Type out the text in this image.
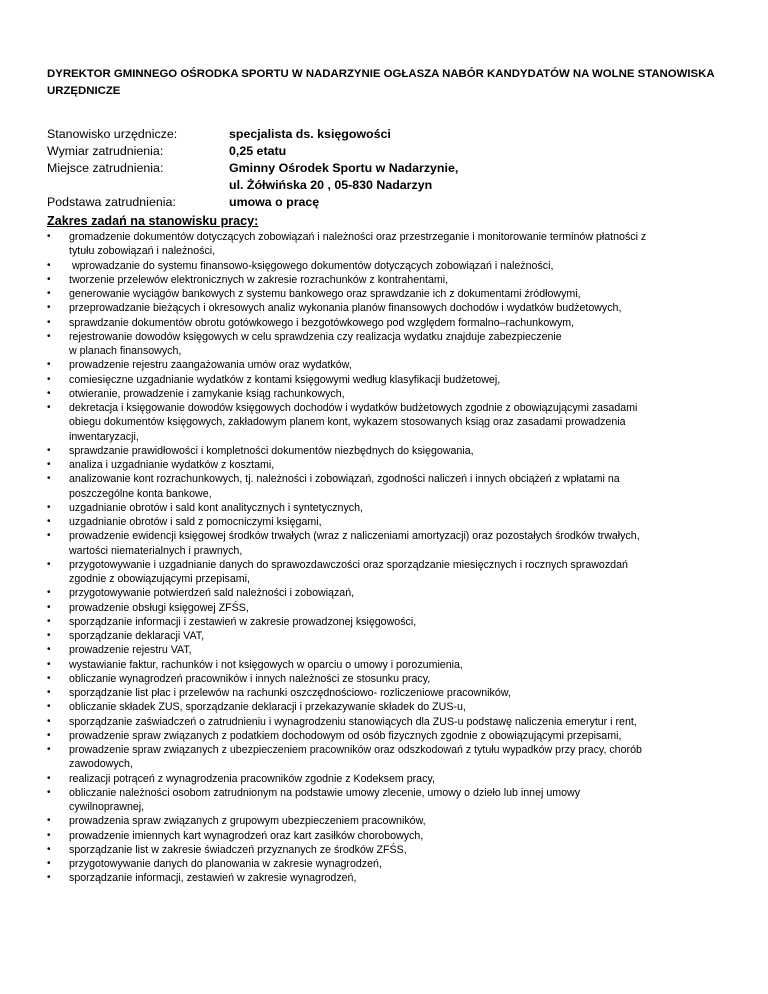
DYREKTOR GMINNEGO OŚRODKA SPORTU W NADARZYNIE OGŁASZA NABÓR KANDYDATÓW NA WOLNE STANOWISKA URZĘDNICZE
Stanowisko urzędnicze:	specjalista ds. księgowości
Wymiar zatrudnienia:	0,25 etatu
Miejsce zatrudnienia:	Gminny Ośrodek Sportu w Nadarzynie,
ul. Żółwińska 20 , 05-830 Nadarzyn
Podstawa zatrudnienia:	umowa o pracę
Zakres zadań na stanowisku pracy:
•	gromadzenie dokumentów dotyczących zobowiązań i należności oraz przestrzeganie i monitorowanie terminów płatności z
tytułu zobowiązań i należności,
•	wprowadzanie do systemu finansowo-księgowego dokumentów dotyczących zobowiązań i należności,
•	tworzenie przelewów elektronicznych w zakresie rozrachunków z kontrahentami,
•	generowanie wyciągów bankowych z systemu bankowego oraz sprawdzanie ich z dokumentami źródłowymi,
•	przeprowadzanie bieżących i okresowych analiz wykonania planów finansowych dochodów i wydatków budżetowych,
•	sprawdzanie dokumentów obrotu gotówkowego i bezgotówkowego pod względem formalno–rachunkowym,
•	rejestrowanie dowodów księgowych w celu sprawdzenia czy realizacja wydatku znajduje zabezpieczenie
w planach finansowych,
•	prowadzenie rejestru zaangażowania umów oraz wydatków,
•	comiesięczne uzgadnianie wydatków z kontami księgowymi według klasyfikacji budżetowej,
•	otwieranie, prowadzenie i zamykanie ksiąg rachunkowych,
•	dekretacja i księgowanie dowodów księgowych dochodów i wydatków budżetowych zgodnie z obowiązującymi zasadami
obiegu dokumentów księgowych, zakładowym planem kont, wykazem stosowanych ksiąg oraz zasadami prowadzenia
inwentaryzacji,
•	sprawdzanie prawidłowości i kompletności dokumentów niezbędnych do księgowania,
•	analiza i uzgadnianie wydatków z kosztami,
•	analizowanie kont rozrachunkowych, tj. należności i zobowiązań, zgodności naliczeń i innych obciążeń z wpłatami na
poszczególne konta bankowe,
•	uzgadnianie obrotów i sald kont analitycznych i syntetycznych,
•	uzgadnianie obrotów i sald z pomocniczymi księgami,
•	prowadzenie ewidencji księgowej środków trwałych (wraz z naliczeniami amortyzacji) oraz pozostałych środków trwałych,
wartości niematerialnych i prawnych,
•	przygotowywanie i uzgadnianie danych do sprawozdawczości oraz sporządzanie miesięcznych i rocznych sprawozdań
zgodnie z obowiązującymi przepisami,
•	przygotowywanie potwierdzeń sald należności i zobowiązań,
•	prowadzenie obsługi księgowej ZFŚS,
•	sporządzanie informacji i zestawień w zakresie prowadzonej księgowości,
•	sporządzanie deklaracji VAT,
•	prowadzenie rejestru VAT,
•	wystawianie faktur, rachunków i not księgowych w oparciu o umowy i porozumienia,
•	obliczanie wynagrodzeń pracowników i innych należności ze stosunku pracy,
•	sporządzanie list płac i przelewów na rachunki oszczędnościowo- rozliczeniowe pracowników,
•	obliczanie składek ZUS, sporządzanie deklaracji i przekazywanie składek do ZUS-u,
•	sporządzanie zaświadczeń o zatrudnieniu i wynagrodzeniu stanowiących dla ZUS-u podstawę naliczenia emerytur i rent,
•	prowadzenie spraw związanych z podatkiem dochodowym od osób fizycznych zgodnie z obowiązującymi przepisami,
•	prowadzenie spraw związanych z ubezpieczeniem pracowników oraz odszkodowań z tytułu wypadków przy pracy, chorób
zawodowych,
•	realizacji potrąceń z wynagrodzenia pracowników zgodnie z Kodeksem pracy,
•	obliczanie należności osobom zatrudnionym na podstawie umowy zlecenie, umowy o dzieło lub innej umowy
cywilnoprawnej,
•	prowadzenia spraw związanych z grupowym ubezpieczeniem pracowników,
•	prowadzenie imiennych kart wynagrodzeń oraz kart zasiłków chorobowych,
•	sporządzanie list w zakresie świadczeń przyznanych ze środków ZFŚS,
•	przygotowywanie danych do planowania w zakresie wynagrodzeń,
•	sporządzanie informacji, zestawień w zakresie wynagrodzeń,
